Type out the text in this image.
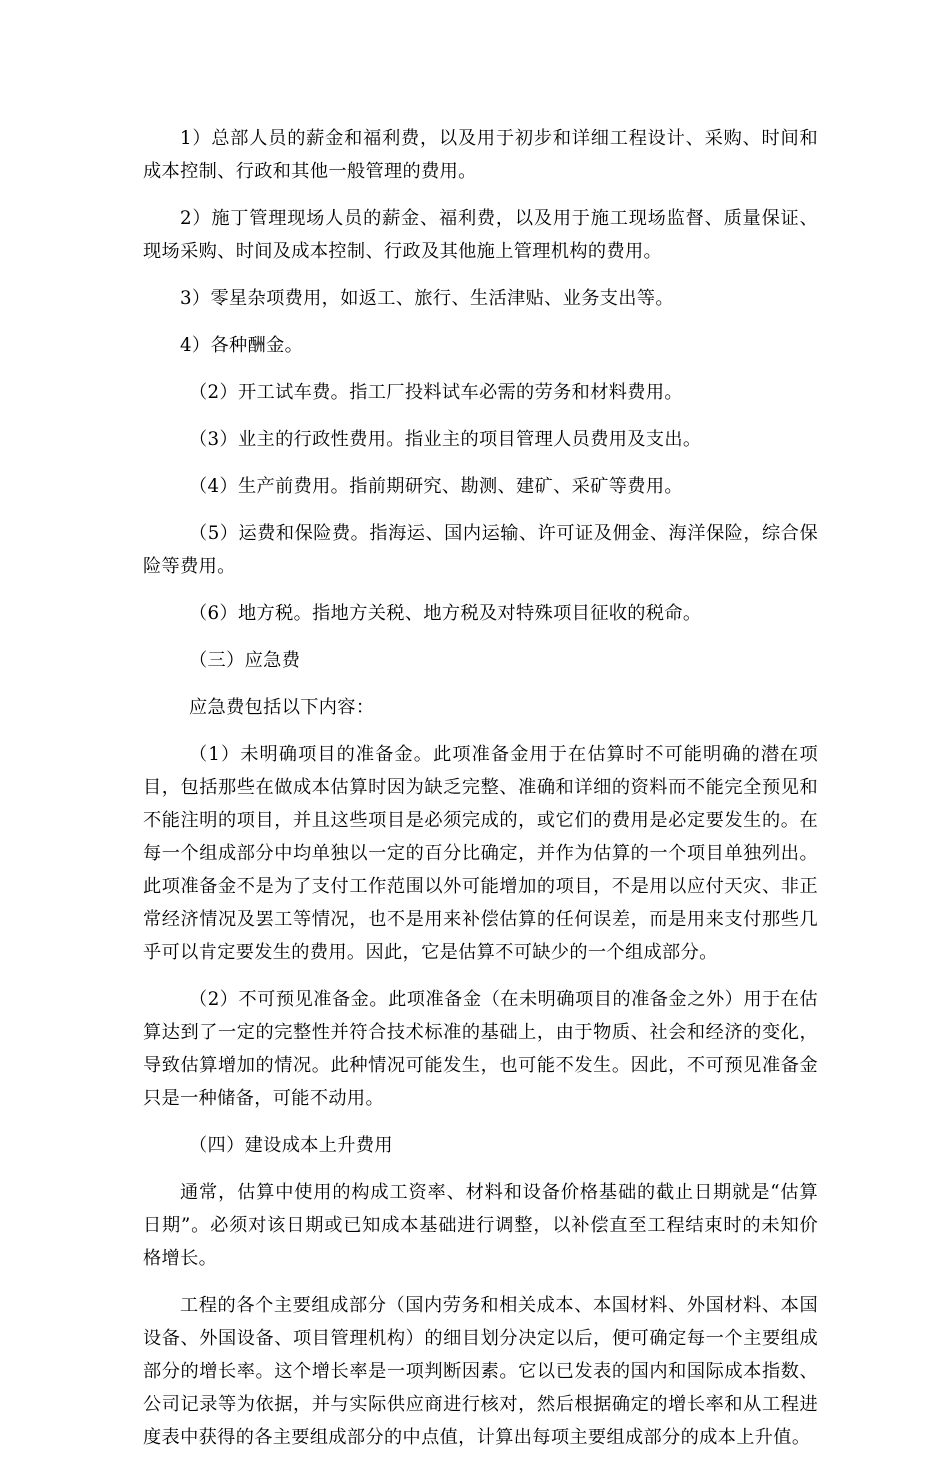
1）总部人员的薪金和福利费，以及用于初步和详细工程设计、采购、时间和成本控制、行政和其他一般管理的费用。

2）施丁管理现场人员的薪金、福利费，以及用于施工现场监督、质量保证、现场采购、时间及成本控制、行政及其他施上管理机构的费用。

3）零星杂项费用，如返工、旅行、生活津贴、业务支出等。

4）各种酬金。

（2）开工试车费。指工厂投料试车必需的劳务和材料费用。

（3）业主的行政性费用。指业主的项目管理人员费用及支出。

（4）生产前费用。指前期研究、勘测、建矿、采矿等费用。

（5）运费和保险费。指海运、国内运输、许可证及佣金、海洋保险，综合保险等费用。

（6）地方税。指地方关税、地方税及对特殊项目征收的税命。

（三）应急费

应急费包括以下内容：

（1）未明确项目的准备金。此项准备金用于在估算时不可能明确的潜在项目，包括那些在做成本估算时因为缺乏完整、准确和详细的资料而不能完全预见和不能注明的项目，并且这些项目是必须完成的，或它们的费用是必定要发生的。在每一个组成部分中均单独以一定的百分比确定，并作为估算的一个项目单独列出。此项准备金不是为了支付工作范围以外可能增加的项目，不是用以应付天灾、非正常经济情况及罢工等情况，也不是用来补偿估算的任何误差，而是用来支付那些几乎可以肯定要发生的费用。因此，它是估算不可缺少的一个组成部分。

（2）不可预见准备金。此项准备金（在未明确项目的准备金之外）用于在估算达到了一定的完整性并符合技术标准的基础上，由于物质、社会和经济的变化，导致估算增加的情况。此种情况可能发生，也可能不发生。因此，不可预见准备金只是一种储备，可能不动用。

（四）建设成本上升费用

通常，估算中使用的构成工资率、材料和设备价格基础的截止日期就是“估算日期”。必须对该日期或已知成本基础进行调整，以补偿直至工程结束时的未知价格增长。

工程的各个主要组成部分（国内劳务和相关成本、本国材料、外国材料、本国设备、外国设备、项目管理机构）的细目划分决定以后，便可确定每一个主要组成部分的增长率。这个增长率是一项判断因素。它以已发表的国内和国际成本指数、公司记录等为依据，并与实际供应商进行核对，然后根据确定的增长率和从工程进度表中获得的各主要组成部分的中点值，计算出每项主要组成部分的成本上升值。
